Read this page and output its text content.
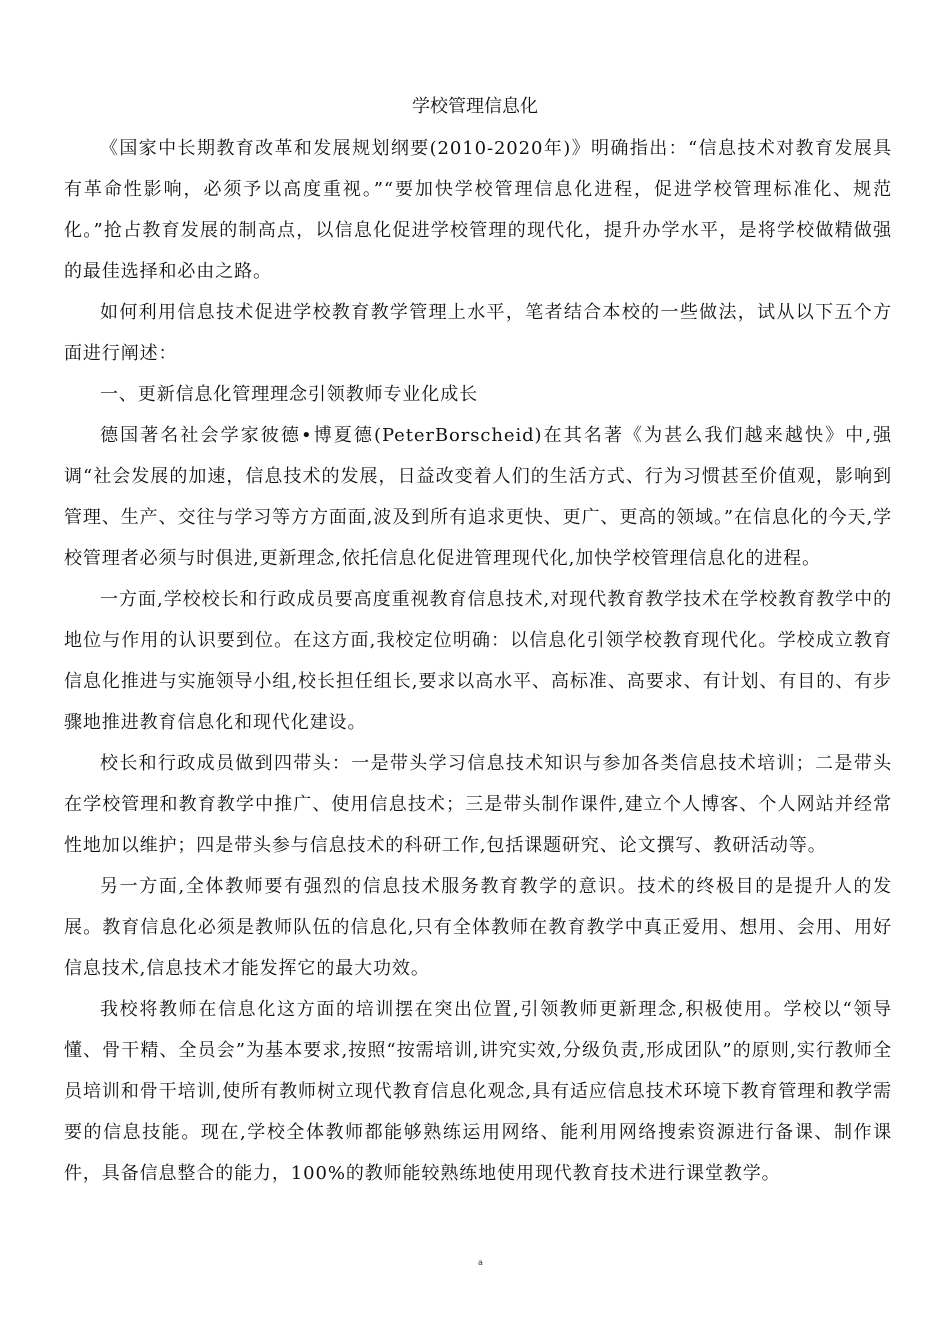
学校管理信息化

《国家中长期教育改革和发展规划纲要(2010-2020年)》明确指出：“信息技术对教育发展具有革命性影响，必须予以高度重视。”“要加快学校管理信息化进程，促进学校管理标准化、规范化。”抢占教育发展的制高点，以信息化促进学校管理的现代化，提升办学水平，是将学校做精做强的最佳选择和必由之路。

如何利用信息技术促进学校教育教学管理上水平，笔者结合本校的一些做法，试从以下五个方面进行阐述：

一、更新信息化管理理念引领教师专业化成长

德国著名社会学家彼德•博夏德(PeterBorscheid)在其名著《为甚么我们越来越快》中,强调“社会发展的加速，信息技术的发展，日益改变着人们的生活方式、行为习惯甚至价值观，影响到管理、生产、交往与学习等方方面面,波及到所有追求更快、更广、更高的领域。”在信息化的今天,学校管理者必须与时俱进,更新理念,依托信息化促进管理现代化,加快学校管理信息化的进程。

一方面,学校校长和行政成员要高度重视教育信息技术,对现代教育教学技术在学校教育教学中的地位与作用的认识要到位。在这方面,我校定位明确：以信息化引领学校教育现代化。学校成立教育信息化推进与实施领导小组,校长担任组长,要求以高水平、高标准、高要求、有计划、有目的、有步骤地推进教育信息化和现代化建设。

校长和行政成员做到四带头：一是带头学习信息技术知识与参加各类信息技术培训；二是带头在学校管理和教育教学中推广、使用信息技术；三是带头制作课件,建立个人博客、个人网站并经常性地加以维护；四是带头参与信息技术的科研工作,包括课题研究、论文撰写、教研活动等。

另一方面,全体教师要有强烈的信息技术服务教育教学的意识。技术的终极目的是提升人的发展。教育信息化必须是教师队伍的信息化,只有全体教师在教育教学中真正爱用、想用、会用、用好信息技术,信息技术才能发挥它的最大功效。

我校将教师在信息化这方面的培训摆在突出位置,引领教师更新理念,积极使用。学校以“领导懂、骨干精、全员会”为基本要求,按照“按需培训,讲究实效,分级负责,形成团队”的原则,实行教师全员培训和骨干培训,使所有教师树立现代教育信息化观念,具有适应信息技术环境下教育管理和教学需要的信息技能。现在,学校全体教师都能够熟练运用网络、能利用网络搜索资源进行备课、制作课件，具备信息整合的能力，100%的教师能较熟练地使用现代教育技术进行课堂教学。

a
